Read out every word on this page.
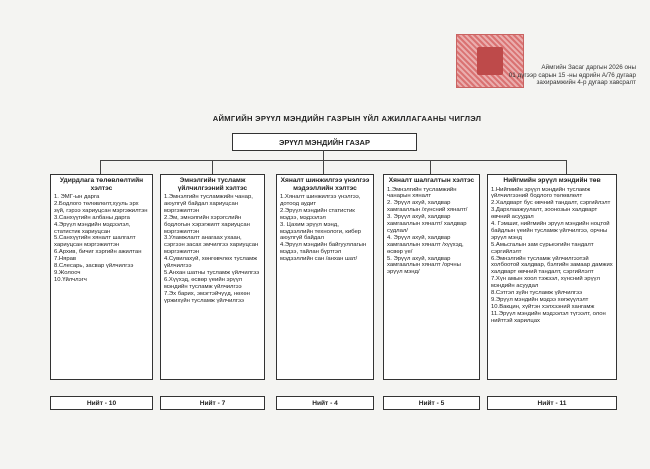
Аймгийн Засаг даргын 2026 оны
01 дүгээр сарын 15 -ны өдрийн A/76 дугаар
захирамжийн 4-р дугаар хавсралт
АЙМГИЙН ЭРҮҮЛ МЭНДИЙН ГАЗРЫН ҮЙЛ АЖИЛЛАГААНЫ ЧИГЛЭЛ
ЭРҮҮЛ МЭНДИЙН ГАЗАР
Удирдлага төлөвлөлтийн хэлтэс
1. ЭМГ-ын дарга
2.Бодлого төлөвлөлт,хууль эрх зүй, гэрээ хариуцсан мэргэжилтэн
3.Санхүүгийн албаны дарга
4.Эрүүл мэндийн мэдээлэл, статистик хариуцсан
5.Санхүүгийн хяналт шалгалт хариуцсан мэргэжилтэн
6.Архив, бичиг хэргийн ажилтан
7.Нярав
8.Слесарь, засвар үйлчилгээ
9.Жолооч
10.Үйлчлэгч
Эмнэлгийн тусламж үйлчилгээний хэлтэс
1.Эмнэлгийн тусламжийн чанар, аюулгүй байдал хариуцсан мэргэжилтэн
2.Эм, эмнэлгийн хэрэгслийн бодлогын хэрэгжилт хариуцсан мэргэжилтэн
3.Уламжлалт анагаах ухаан, сэргээн засах эмчилгээ хариуцсан мэргэжилтэн
4.Сувилахуй, хөнгөвчлөх тусламж үйлчилгээ
5.Анхан шатны тусламж үйлчилгээ
6.Хүүхэд, өсвөр үеийн эрүүл мэндийн тусламж үйлчилгээ
7.Эх барих, эмэгтэйчүүд, нөхөн үржихүйн тусламж үйлчилгээ
Хяналт шинжилгээ үнэлгээ мэдээллийн хэлтэс
1.Хяналт шинжилгээ үнэлгээ, дотоод аудит
2.Эрүүл мэндийн статистик мэдээ, мэдээлэл
3. Цахим эрүүл мэнд, мэдээллийн технологи, кибер аюулгүй байдал
4.Эрүүл мэндийн байгууллагын мэдээ, тайлан бүртгэл мэдээллийн сан /анхан шат/
Хяналт шалгалтын хэлтэс
1.Эмнэлгийн тусламжийн чанарын хяналт
2. Эрүүл ахуй, халдвар хамгааллын /хүнсний хяналт/
3. Эрүүл ахуй, халдвар хамгааллын хяналт/ халдвар судлал/
4. Эрүүл ахуй, халдвар хамгааллын хяналт /хүүхэд, өсвөр үе/
5. Эрүүл ахуй, халдвар хамгааллын хяналт /орчны эрүүл мэнд/
Нийгмийн эрүүл мэндийн төв
1.Нийгмийн эрүүл мэндийн тусламж үйлчилгээний бодлого төлөвлөлт
2.Халдварт бус өвчний тандалт, сэргийлэлт
3.Дархлаажуулалт, зоонозын халдварт өвчний асуудал
4. Гэмшиг, нийгмийн эрүүл мэндийн ноцтой байдлын үеийн тусламж үйлчилгээ, орчны эрүүл мэнд
5.Амьсгалын зам сүрьеэгийн тандалт сэргийлэлт
6.Эмнэлгийн тусламж үйлчилгээтэй холбоотой халдвар, бэлгийн замаар дамжих халдварт өвчний тандалт, сэргийлэлт
7.Хүн амын хоол тэжээл, хүнсний эрүүл мэндийн асуудал
8.Сэтгэл зүйн тусламж үйлчилгээ
9.Эрүүл мэндийн мэдээ хөгжүүлэлт
10.Вакцин, хүйтэн хэлхээний хангамж
11.Эрүүл мэндийн мэдээлэл түгээлт, олон нийттэй харилцах
Нийт - 10	Нийт - 7	Нийт - 4	Нийт - 5	Нийт - 11
